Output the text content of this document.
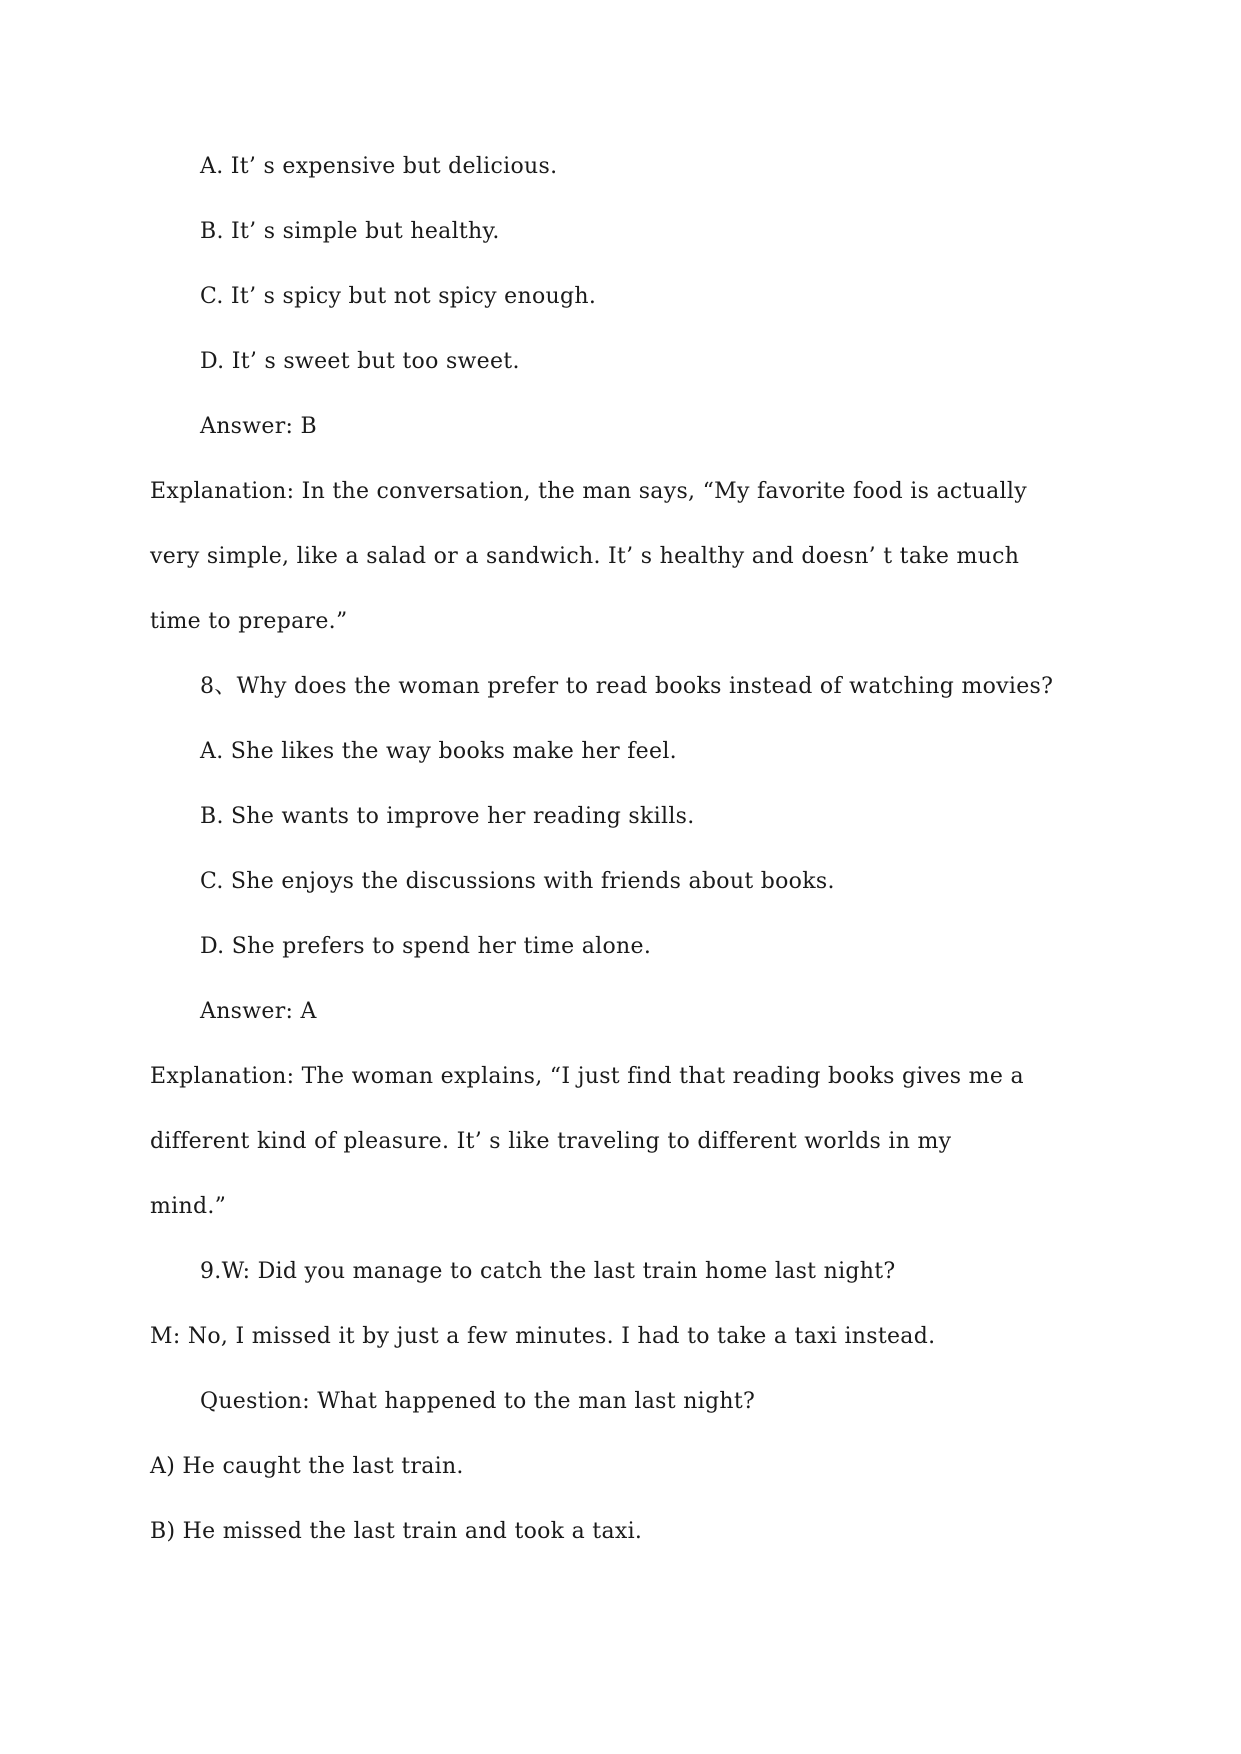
A. It’ s expensive but delicious.
B. It’ s simple but healthy.
C. It’ s spicy but not spicy enough.
D. It’ s sweet but too sweet.
Answer: B
Explanation: In the conversation, the man says, “My favorite food is actually
very simple, like a salad or a sandwich. It’ s healthy and doesn’ t take much
time to prepare.”
8、Why does the woman prefer to read books instead of watching movies?
A. She likes the way books make her feel.
B. She wants to improve her reading skills.
C. She enjoys the discussions with friends about books.
D. She prefers to spend her time alone.
Answer: A
Explanation: The woman explains, “I just find that reading books gives me a
different kind of pleasure. It’ s like traveling to different worlds in my
mind.”
9.W: Did you manage to catch the last train home last night?
M: No, I missed it by just a few minutes. I had to take a taxi instead.
Question: What happened to the man last night?
A) He caught the last train.
B) He missed the last train and took a taxi.
